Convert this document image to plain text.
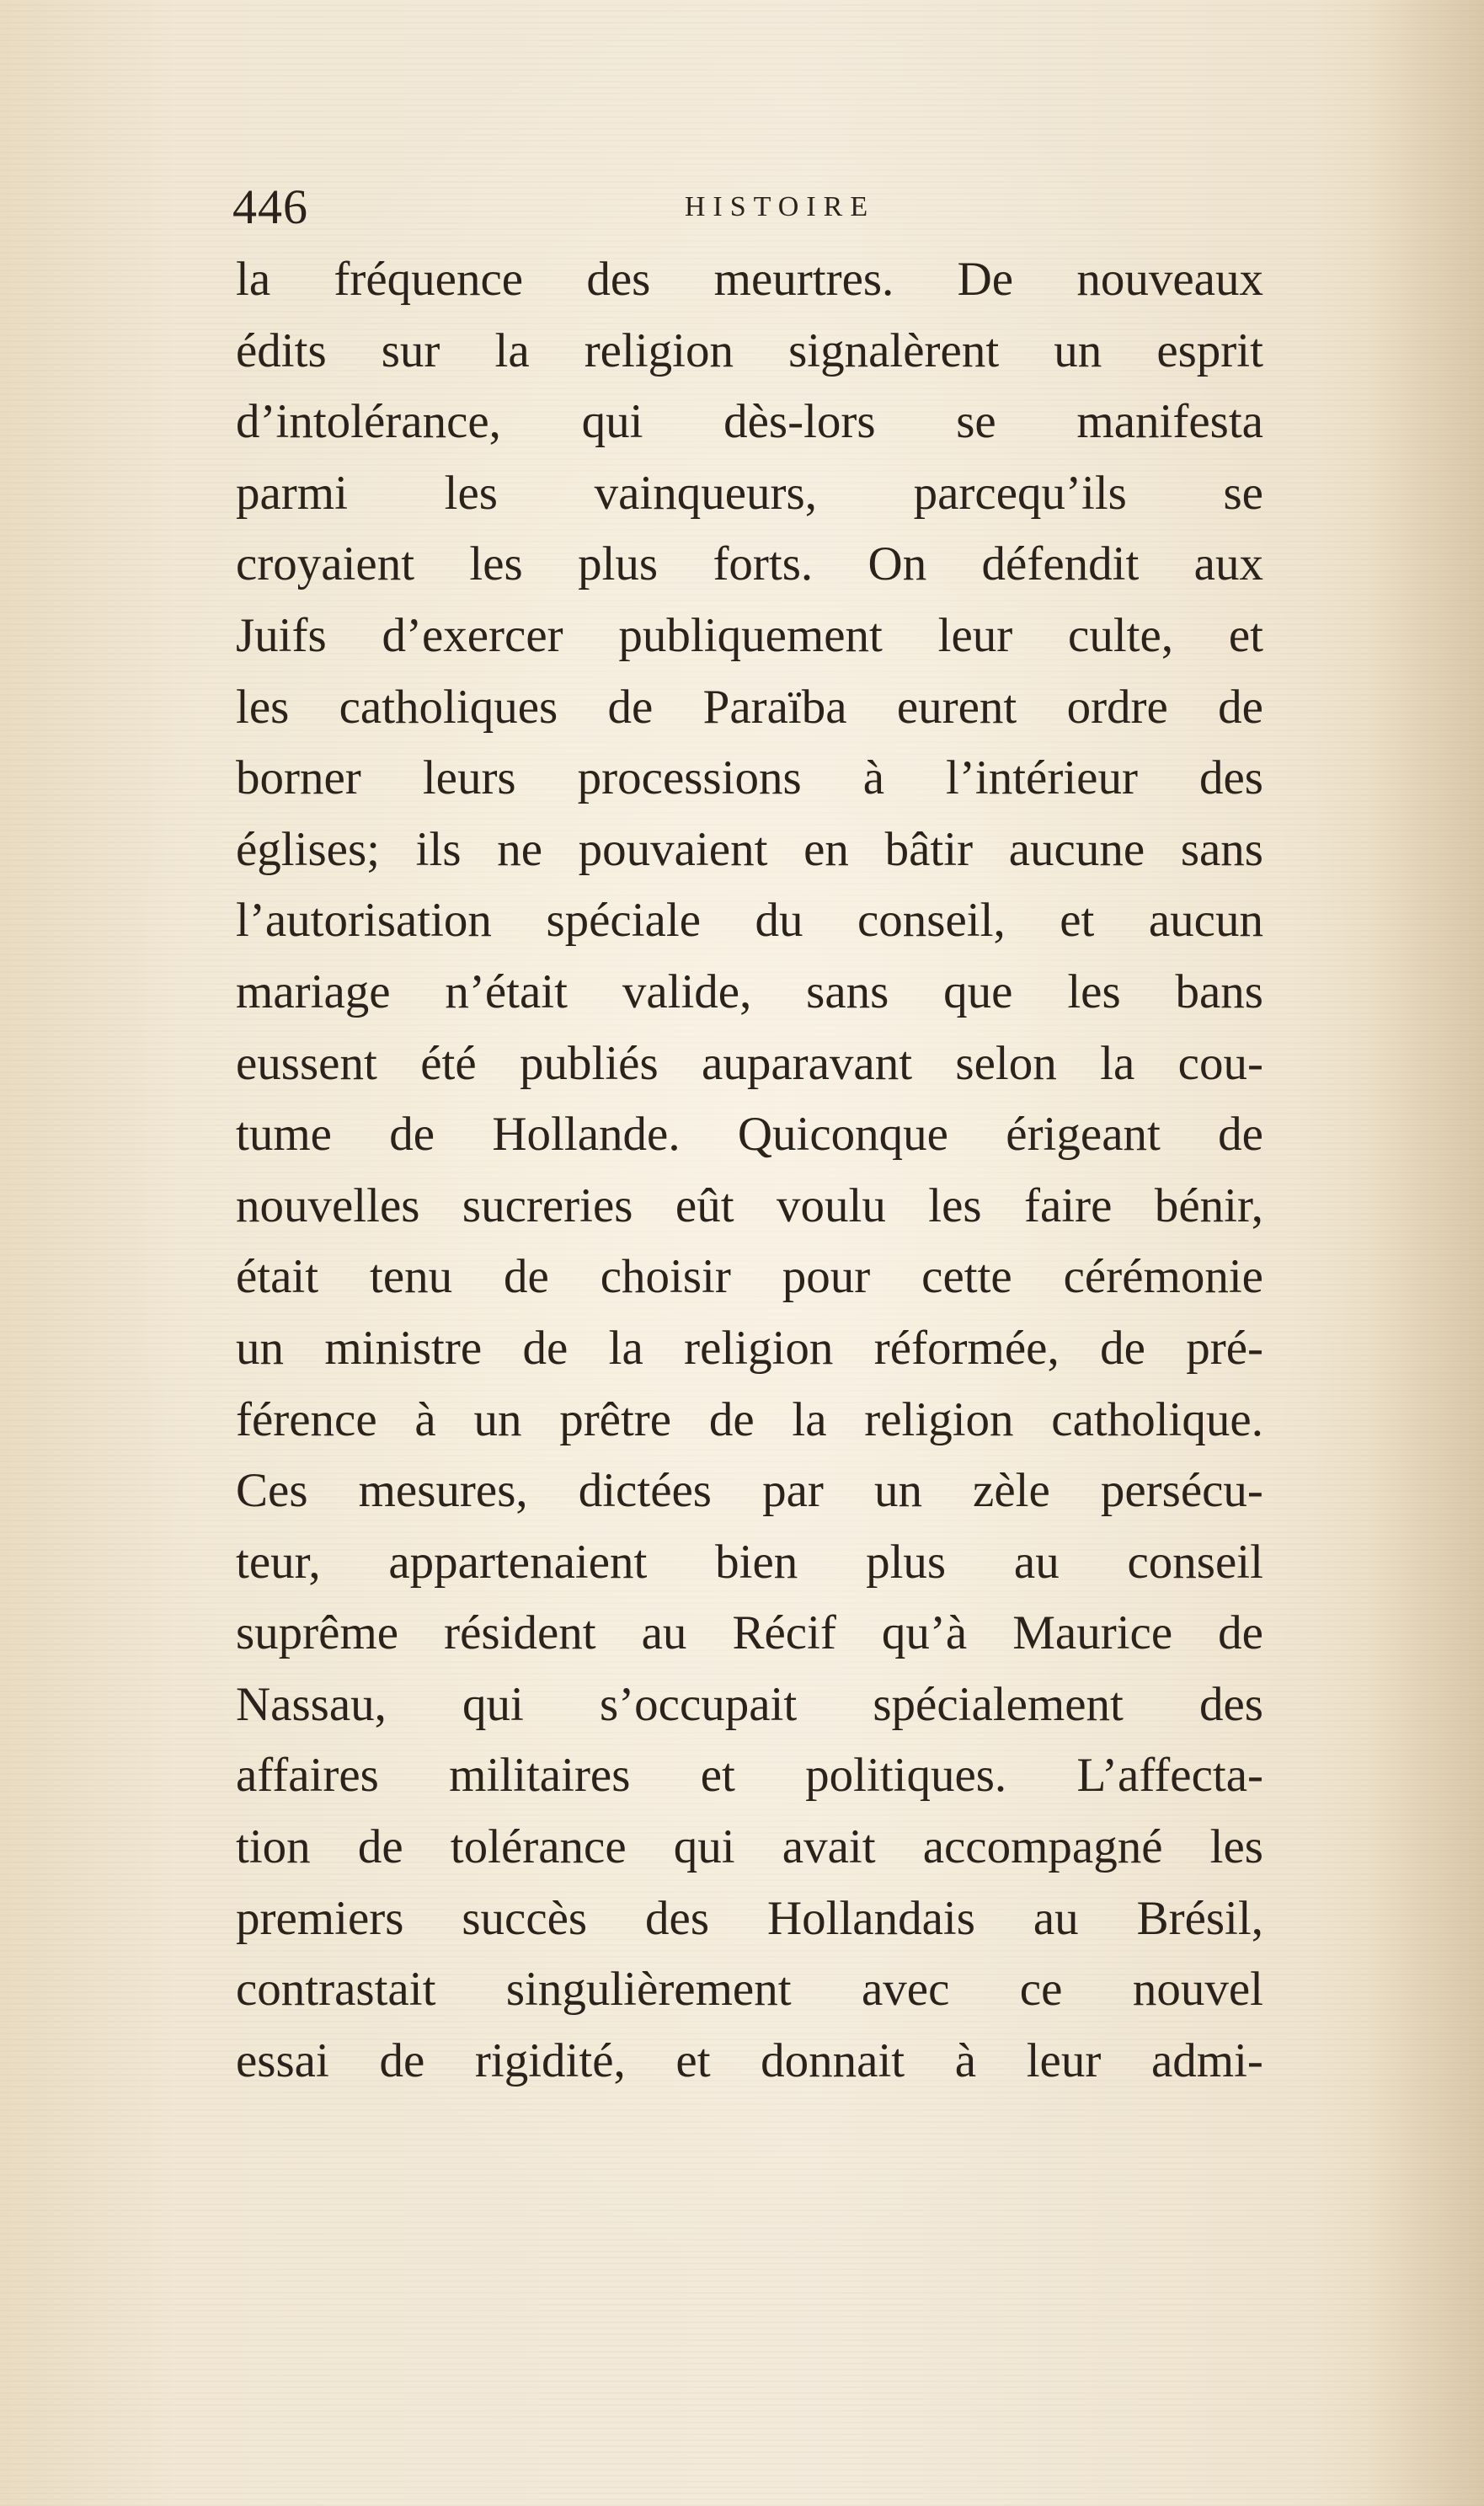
446	HISTOIRE
la fréquence des meurtres. De nouveaux
édits sur la religion signalèrent un esprit
d’intolérance, qui dès-lors se manifesta
parmi les vainqueurs, parcequ’ils se
croyaient les plus forts. On défendit aux
Juifs d’exercer publiquement leur culte, et
les catholiques de Paraïba eurent ordre de
borner leurs processions à l’intérieur des
églises; ils ne pouvaient en bâtir aucune sans
l’autorisation spéciale du conseil, et aucun
mariage n’était valide, sans que les bans
eussent été publiés auparavant selon la cou-
tume de Hollande. Quiconque érigeant de
nouvelles sucreries eût voulu les faire bénir,
était tenu de choisir pour cette cérémonie
un ministre de la religion réformée, de pré-
férence à un prêtre de la religion catholique.
Ces mesures, dictées par un zèle persécu-
teur, appartenaient bien plus au conseil
suprême résident au Récif qu’à Maurice de
Nassau, qui s’occupait spécialement des
affaires militaires et politiques. L’affecta-
tion de tolérance qui avait accompagné les
premiers succès des Hollandais au Brésil,
contrastait singulièrement avec ce nouvel
essai de rigidité, et donnait à leur admi-
